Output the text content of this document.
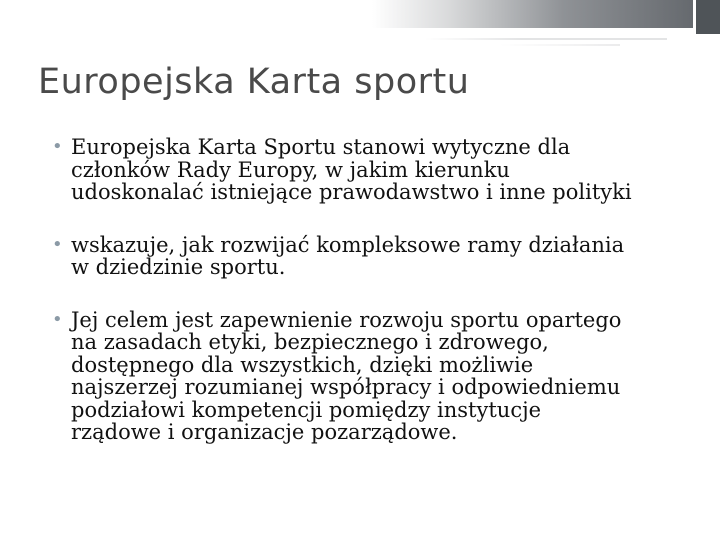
Europejska Karta sportu
• Europejska Karta Sportu stanowi wytyczne dla
członków Rady Europy, w jakim kierunku
udoskonalać istniejące prawodawstwo i inne polityki
• wskazuje, jak rozwijać kompleksowe ramy działania
w dziedzinie sportu.
• Jej celem jest zapewnienie rozwoju sportu opartego
na zasadach etyki, bezpiecznego i zdrowego,
dostępnego dla wszystkich, dzięki możliwie
najszerzej rozumianej współpracy i odpowiedniemu
podziałowi kompetencji pomiędzy instytucje
rządowe i organizacje pozarządowe.
